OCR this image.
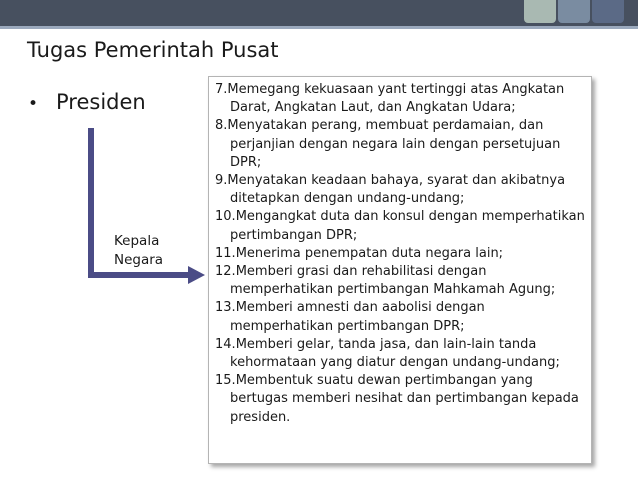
Tugas Pemerintah Pusat
• Presiden
Kepala
Negara
7.Memegang kekuasaan yant tertinggi atas Angkatan Darat, Angkatan Laut, dan Angkatan Udara;
8.Menyatakan perang, membuat perdamaian, dan perjanjian dengan negara lain dengan persetujuan DPR;
9.Menyatakan keadaan bahaya, syarat dan akibatnya ditetapkan dengan undang-undang;
10.Mengangkat duta dan konsul dengan memperhatikan pertimbangan DPR;
11.Menerima penempatan duta negara lain;
12.Memberi grasi dan rehabilitasi dengan memperhatikan pertimbangan Mahkamah Agung;
13.Memberi amnesti dan aabolisi dengan memperhatikan pertimbangan DPR;
14.Memberi gelar, tanda jasa, dan lain-lain tanda kehormataan yang diatur dengan undang-undang;
15.Membentuk suatu dewan pertimbangan yang bertugas memberi nesihat dan pertimbangan kepada presiden.
